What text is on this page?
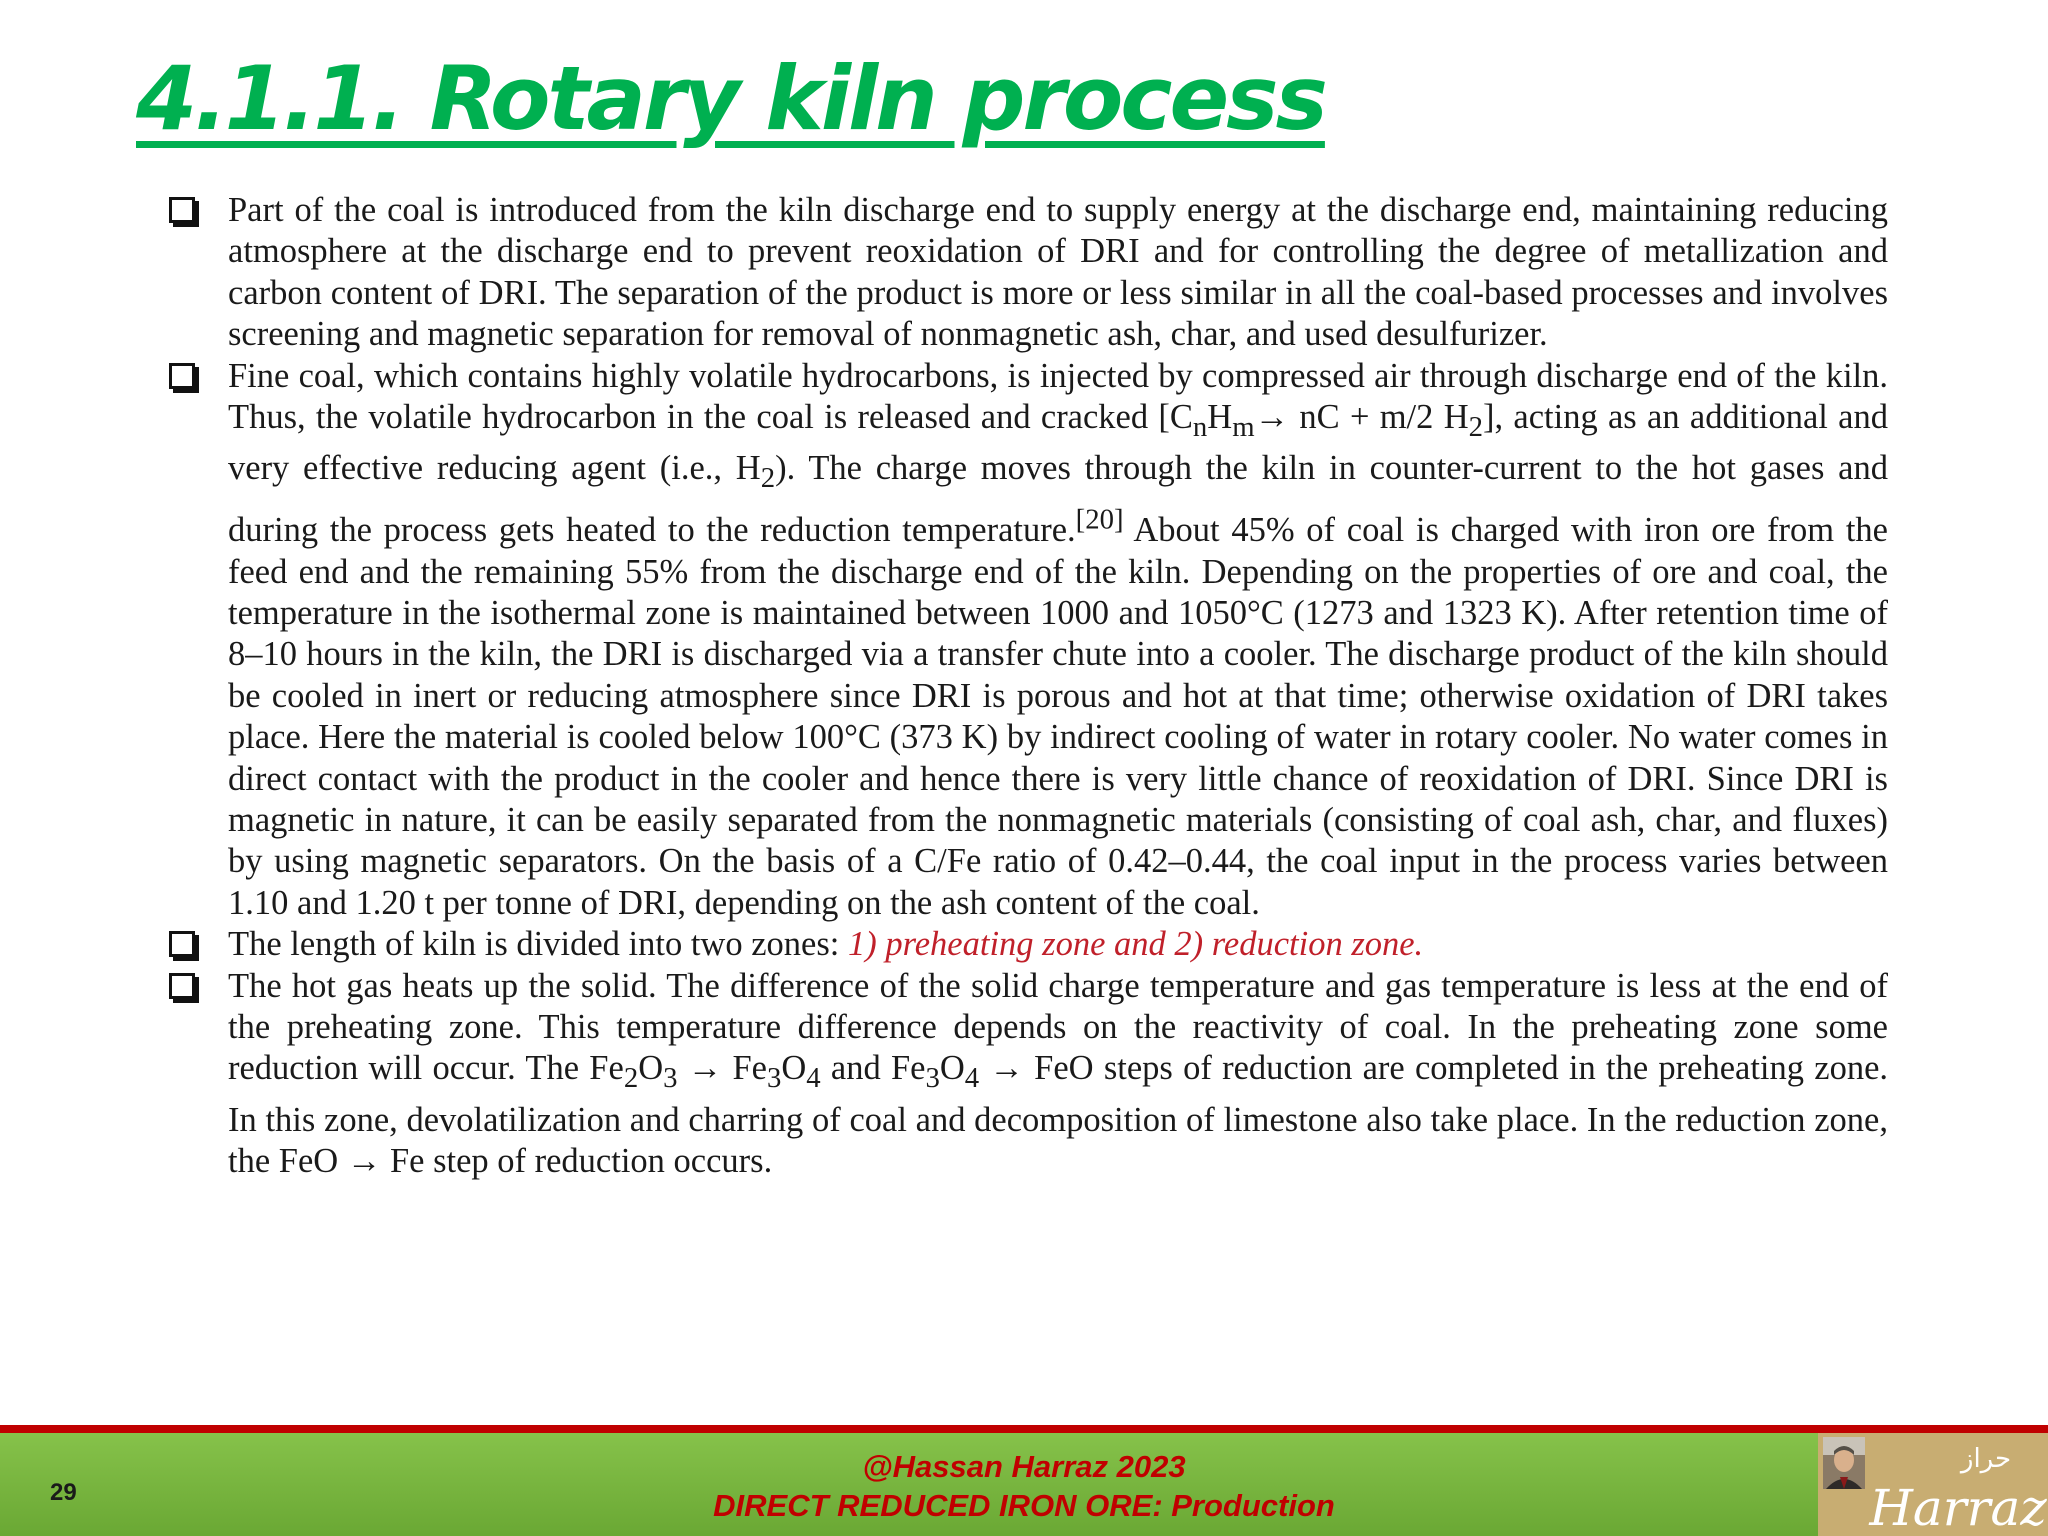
4.1.1. Rotary kiln process
Part of the coal is introduced from the kiln discharge end to supply energy at the discharge end, maintaining reducing atmosphere at the discharge end to prevent reoxidation of DRI and for controlling the degree of metallization and carbon content of DRI. The separation of the product is more or less similar in all the coal-based processes and involves screening and magnetic separation for removal of nonmagnetic ash, char, and used desulfurizer.
Fine coal, which contains highly volatile hydrocarbons, is injected by compressed air through discharge end of the kiln. Thus, the volatile hydrocarbon in the coal is released and cracked [$C_nH_m\to$ nC + m/2 $H_2$], acting as an additional and very effective reducing agent (i.e., $H_2$). The charge moves through the kiln in counter-current to the hot gases and during the process gets heated to the reduction temperature.[20] About 45% of coal is charged with iron ore from the feed end and the remaining 55% from the discharge end of the kiln. Depending on the properties of ore and coal, the temperature in the isothermal zone is maintained between 1000 and 1050°C (1273 and 1323 K). After retention time of 8–10 hours in the kiln, the DRI is discharged via a transfer chute into a cooler. The discharge product of the kiln should be cooled in inert or reducing atmosphere since DRI is porous and hot at that time; otherwise oxidation of DRI takes place. Here the material is cooled below 100°C (373 K) by indirect cooling of water in rotary cooler. No water comes in direct contact with the product in the cooler and hence there is very little chance of reoxidation of DRI. Since DRI is magnetic in nature, it can be easily separated from the nonmagnetic materials (consisting of coal ash, char, and fluxes) by using magnetic separators. On the basis of a C/Fe ratio of 0.42–0.44, the coal input in the process varies between 1.10 and 1.20 t per tonne of DRI, depending on the ash content of the coal.
The length of kiln is divided into two zones: 1) preheating zone and 2) reduction zone.
The hot gas heats up the solid. The difference of the solid charge temperature and gas temperature is less at the end of the preheating zone. This temperature difference depends on the reactivity of coal. In the preheating zone some reduction will occur. The $Fe_2O_3 \to Fe_3O_4$ and $Fe_3O_4$ → FeO steps of reduction are completed in the preheating zone. In this zone, devolatilization and charring of coal and decomposition of limestone also take place. In the reduction zone, the FeO → Fe step of reduction occurs.
29
@Hassan Harraz 2023
DIRECT REDUCED IRON ORE: Production
حراز
Harraz
